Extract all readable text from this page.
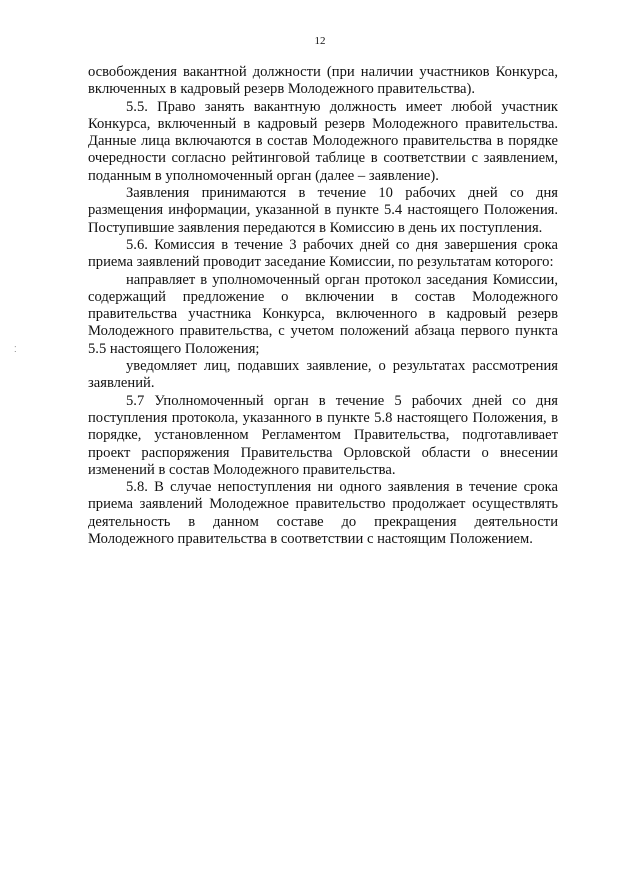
12
⁚

освобождения вакантной должности (при наличии участников Конкурса, включенных в кадровый резерв Молодежного правительства).

5.5. Право занять вакантную должность имеет любой участник Конкурса, включенный в кадровый резерв Молодежного правительства. Данные лица включаются в состав Молодежного правительства в порядке очередности согласно рейтинговой таблице в соответствии с заявлением, поданным в уполномоченный орган (далее – заявление).

Заявления принимаются в течение 10 рабочих дней со дня размещения информации, указанной в пункте 5.4 настоящего Положения. Поступившие заявления передаются в Комиссию в день их поступления.

5.6. Комиссия в течение 3 рабочих дней со дня завершения срока приема заявлений проводит заседание Комиссии, по результатам которого:

направляет в уполномоченный орган протокол заседания Комиссии, содержащий предложение о включении в состав Молодежного правительства участника Конкурса, включенного в кадровый резерв Молодежного правительства, с учетом положений абзаца первого пункта 5.5 настоящего Положения;

уведомляет лиц, подавших заявление, о результатах рассмотрения заявлений.

5.7 Уполномоченный орган в течение 5 рабочих дней со дня поступления протокола, указанного в пункте 5.8 настоящего Положения, в порядке, установленном Регламентом Правительства, подготавливает проект распоряжения Правительства Орловской области о внесении изменений в состав Молодежного правительства.

5.8. В случае непоступления ни одного заявления в течение срока приема заявлений Молодежное правительство продолжает осуществлять деятельность в данном составе до прекращения деятельности Молодежного правительства в соответствии с настоящим Положением.
